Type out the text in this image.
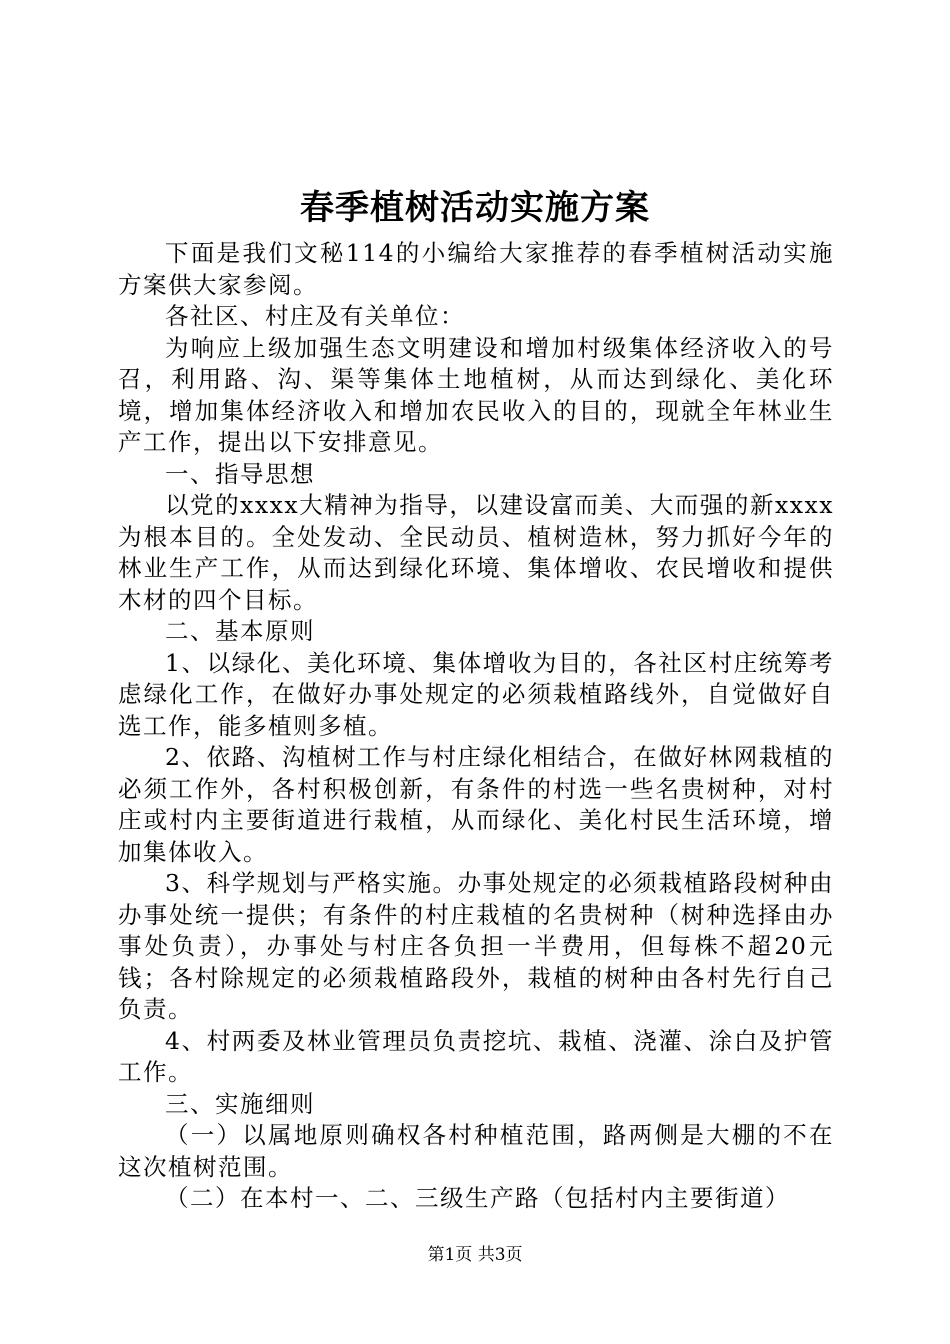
春季植树活动实施方案

下面是我们文秘114的小编给大家推荐的春季植树活动实施方案供大家参阅。

各社区、村庄及有关单位：

为响应上级加强生态文明建设和增加村级集体经济收入的号召，利用路、沟、渠等集体土地植树，从而达到绿化、美化环境，增加集体经济收入和增加农民收入的目的，现就全年林业生产工作，提出以下安排意见。

一、指导思想

以党的xxxx大精神为指导，以建设富而美、大而强的新xxxx为根本目的。全处发动、全民动员、植树造林，努力抓好今年的林业生产工作，从而达到绿化环境、集体增收、农民增收和提供木材的四个目标。

二、基本原则

1、以绿化、美化环境、集体增收为目的，各社区村庄统筹考虑绿化工作，在做好办事处规定的必须栽植路线外，自觉做好自选工作，能多植则多植。

2、依路、沟植树工作与村庄绿化相结合，在做好林网栽植的必须工作外，各村积极创新，有条件的村选一些名贵树种，对村庄或村内主要街道进行栽植，从而绿化、美化村民生活环境，增加集体收入。

3、科学规划与严格实施。办事处规定的必须栽植路段树种由办事处统一提供；有条件的村庄栽植的名贵树种（树种选择由办事处负责），办事处与村庄各负担一半费用，但每株不超20元钱；各村除规定的必须栽植路段外，栽植的树种由各村先行自己负责。

4、村两委及林业管理员负责挖坑、栽植、浇灌、涂白及护管工作。

三、实施细则

（一）以属地原则确权各村种植范围，路两侧是大棚的不在这次植树范围。

（二）在本村一、二、三级生产路（包括村内主要街道）

第1页 共3页
